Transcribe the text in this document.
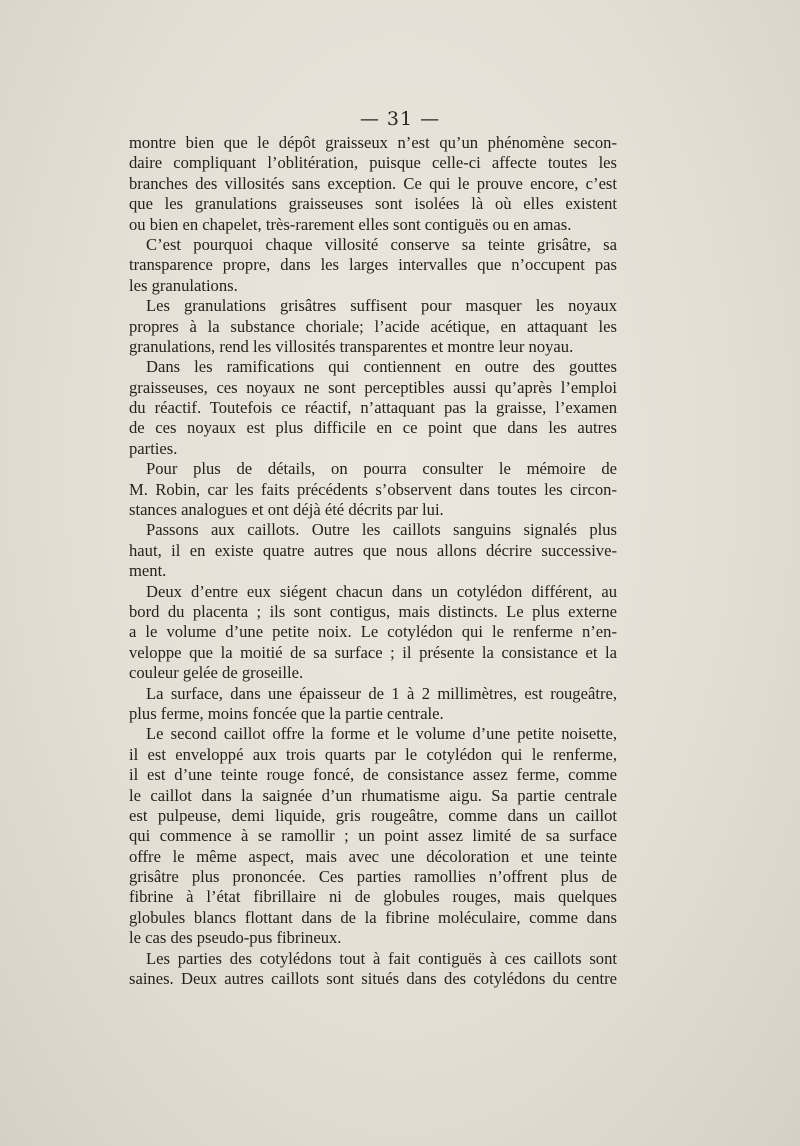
— 31 —
montre bien que le dépôt graisseux n’est qu’un phénomène secon-
daire compliquant l’oblitération, puisque celle-ci affecte toutes les
branches des villosités sans exception. Ce qui le prouve encore, c’est
que les granulations graisseuses sont isolées là où elles existent
ou bien en chapelet, très-rarement elles sont contiguës ou en amas.
C’est pourquoi chaque villosité conserve sa teinte grisâtre, sa
transparence propre, dans les larges intervalles que n’occupent pas
les granulations.
Les granulations grisâtres suffisent pour masquer les noyaux
propres à la substance choriale; l’acide acétique, en attaquant les
granulations, rend les villosités transparentes et montre leur noyau.
Dans les ramifications qui contiennent en outre des gouttes
graisseuses, ces noyaux ne sont perceptibles aussi qu’après l’emploi
du réactif. Toutefois ce réactif, n’attaquant pas la graisse, l’examen
de ces noyaux est plus difficile en ce point que dans les autres
parties.
Pour plus de détails, on pourra consulter le mémoire de
M. Robin, car les faits précédents s’observent dans toutes les circon-
stances analogues et ont déjà été décrits par lui.
Passons aux caillots. Outre les caillots sanguins signalés plus
haut, il en existe quatre autres que nous allons décrire successive-
ment.
Deux d’entre eux siégent chacun dans un cotylédon différent, au
bord du placenta ; ils sont contigus, mais distincts. Le plus externe
a le volume d’une petite noix. Le cotylédon qui le renferme n’en-
veloppe que la moitié de sa surface ; il présente la consistance et la
couleur gelée de groseille.
La surface, dans une épaisseur de 1 à 2 millimètres, est rougeâtre,
plus ferme, moins foncée que la partie centrale.
Le second caillot offre la forme et le volume d’une petite noisette,
il est enveloppé aux trois quarts par le cotylédon qui le renferme,
il est d’une teinte rouge foncé, de consistance assez ferme, comme
le caillot dans la saignée d’un rhumatisme aigu. Sa partie centrale
est pulpeuse, demi liquide, gris rougeâtre, comme dans un caillot
qui commence à se ramollir ; un point assez limité de sa surface
offre le même aspect, mais avec une décoloration et une teinte
grisâtre plus prononcée. Ces parties ramollies n’offrent plus de
fibrine à l’état fibrillaire ni de globules rouges, mais quelques
globules blancs flottant dans de la fibrine moléculaire, comme dans
le cas des pseudo-pus fibrineux.
Les parties des cotylédons tout à fait contiguës à ces caillots sont
saines. Deux autres caillots sont situés dans des cotylédons du centre
